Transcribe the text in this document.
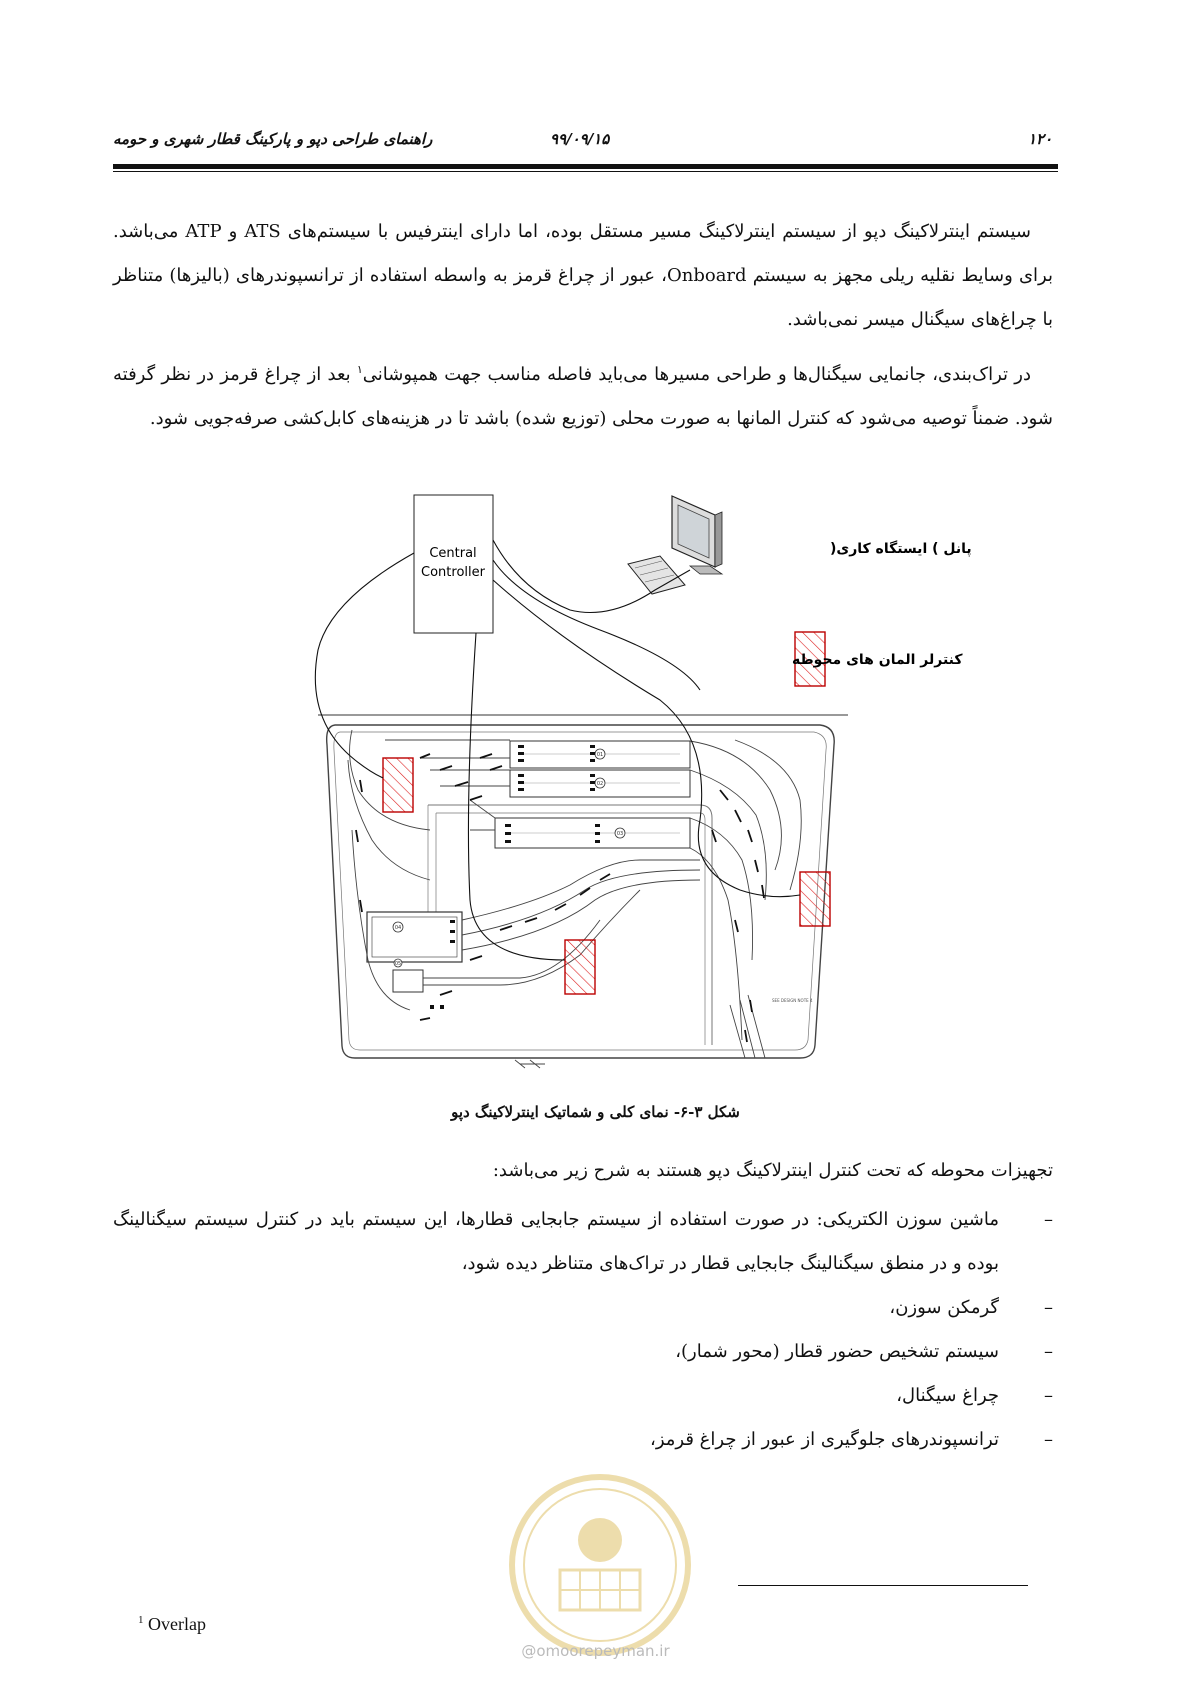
۱۲۰
۹۹/۰۹/۱۵
راهنمای طراحی دپو و پارکینگ قطار شهری و حومه

سیستم اینترلاکینگ دپو از سیستم اینترلاکینگ مسیر مستقل بوده، اما دارای اینترفیس با سیستم‌های ATS و ATP می‌باشد. برای وسایط نقلیه ریلی مجهز به سیستم Onboard، عبور از چراغ قرمز به واسطه استفاده از ترانسپوندرهای (بالیزها) متناظر با چراغ‌های سیگنال میسر نمی‌باشد.

در تراک‌بندی، جانمایی سیگنال‌ها و طراحی مسیرها می‌باید فاصله مناسب جهت همپوشانی$^۱$ بعد از چراغ قرمز در نظر گرفته شود. ضمناً توصیه می‌شود که کنترل المانها به صورت محلی (توزیع شده) باشد تا در هزینه‌های کابل‌کشی صرفه‌جویی شود.

Central
Controller
پانل ) ایستگاه کاری(
کنترلر المان های محوطه
01
02
03
04
05
SEE DESIGN NOTE 4
شکل ۳-۶- نمای کلی و شماتیک اینترلاکینگ دپو
تجهیزات محوطه که تحت کنترل اینترلاکینگ دپو هستند به شرح زیر می‌باشد:
–
ماشین سوزن الکتریکی: در صورت استفاده از سیستم جابجایی قطارها، این سیستم باید در کنترل سیستم سیگنالینگ بوده و در منطق سیگنالینگ جابجایی قطار در تراک‌های متناظر دیده شود،
–
گرمکن سوزن،
–
سیستم تشخیص حضور قطار (محور شمار)،
–
چراغ سیگنال،
–
ترانسپوندرهای جلوگیری از عبور از چراغ قرمز،
@omoorepeyman.ir
$^1$ Overlap
